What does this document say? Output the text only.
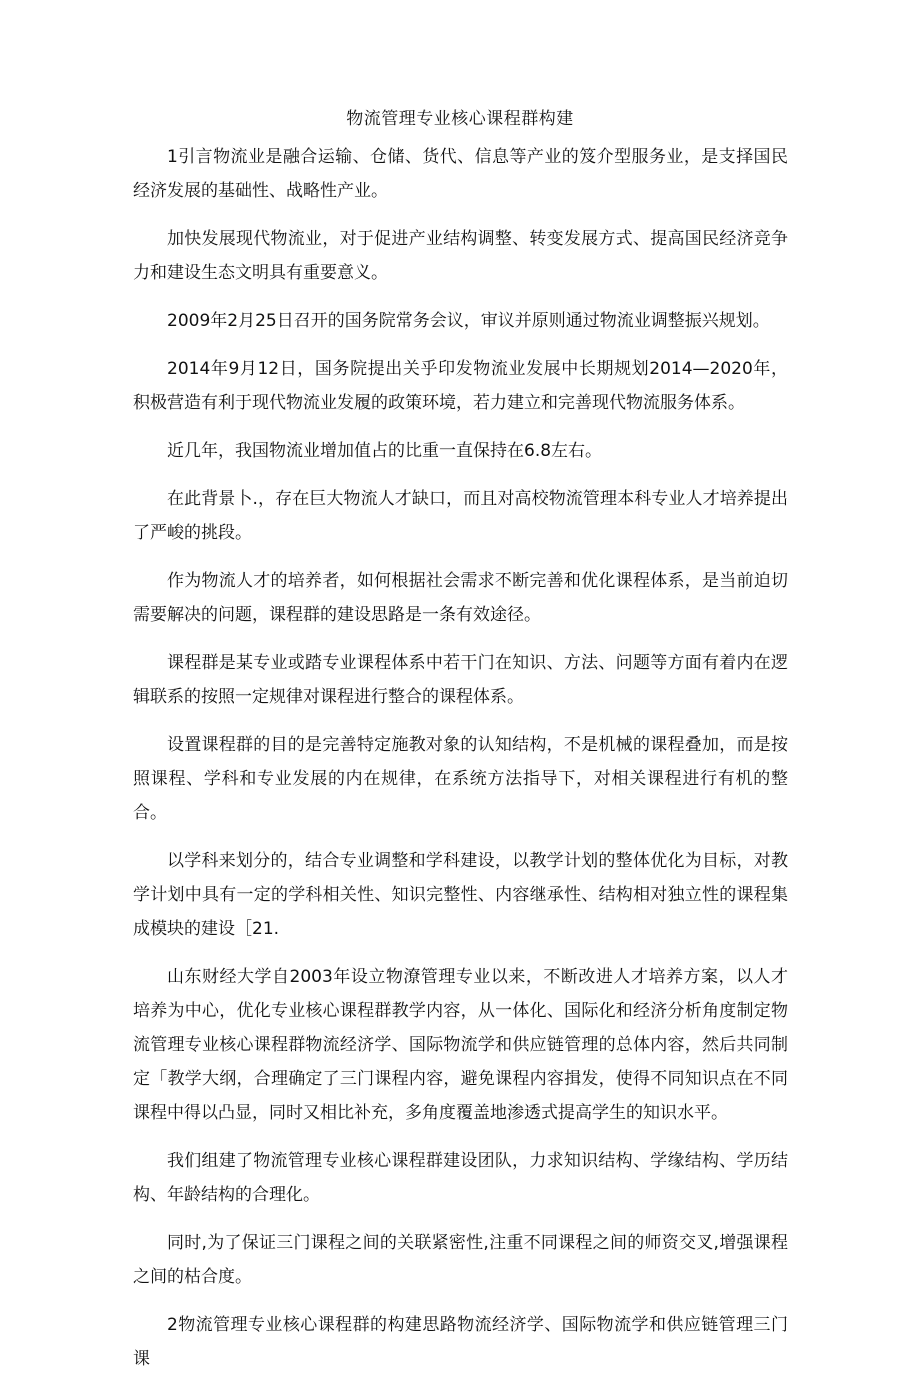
物流管理专业核心课程群构建

1引言物流业是融合运输、仓储、货代、信息等产业的笈介型服务业，是支择国民经济发展的基础性、战略性产业。

加快发展现代物流业，对于促进产业结构调整、转变发展方式、提高国民经济竞争力和建设生态文明具有重要意义。

2009年2月25日召开的国务院常务会议，审议并原则通过物流业调整振兴规划。

2014年9月12日，国务院提出关乎印发物流业发展中长期规划2014—2020年，积极营造有利于现代物流业发履的政策环境，若力建立和完善现代物流服务体系。

近几年，我国物流业增加值占的比重一直保持在6.8左右。

在此背景卜.，存在巨大物流人才缺口，而且对高校物流管理本科专业人才培养提出了严峻的挑段。

作为物流人才的培养者，如何根据社会需求不断完善和优化课程体系，是当前迫切需要解决的问题，课程群的建设思路是一条有效途径。

课程群是某专业或踏专业课程体系中若干门在知识、方法、问题等方面有着内在逻辑联系的按照一定规律对课程进行整合的课程体系。

设置课程群的目的是完善特定施教对象的认知结构，不是机械的课程叠加，而是按照课程、学科和专业发展的内在规律，在系统方法指导下，对相关课程进行有机的整合。

以学科来划分的，结合专业调整和学科建设，以教学计划的整体优化为目标，对教学计划中具有一定的学科相关性、知识完整性、内容继承性、结构相对独立性的课程集成模块的建设［21.

山东财经大学自2003年设立物潦管理专业以来，不断改进人才培养方案，以人才培养为中心，优化专业核心课程群教学内容，从一体化、国际化和经济分析角度制定物流管理专业核心课程群物流经济学、国际物流学和供应链管理的总体内容，然后共同制定「教学大纲，合理确定了三门课程内容，避免课程内容揖发，使得不同知识点在不同课程中得以凸显，同时又相比补充，多角度覆盖地渗透式提高学生的知识水平。

我们组建了物流管理专业核心课程群建设团队，力求知识结构、学缘结构、学历结构、年龄结构的合理化。

同时,为了保证三门课程之间的关联紧密性,注重不同课程之间的师资交叉,增强课程之间的枯合度。

2物流管理专业核心课程群的构建思路物流经济学、国际物流学和供应链管理三门课
